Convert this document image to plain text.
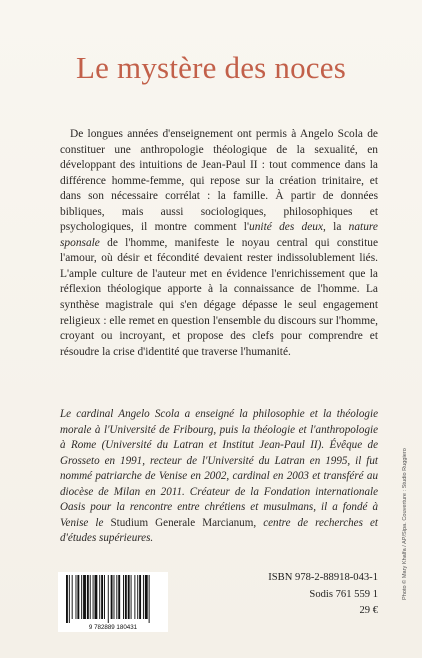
Le mystère des noces

De longues années d'enseignement ont permis à Angelo Scola de constituer une anthropologie théologique de la sexualité, en développant des intuitions de Jean-Paul II : tout commence dans la différence homme-femme, qui repose sur la création trinitaire, et dans son nécessaire corrélat : la famille. À partir de données bibliques, mais aussi sociologiques, philosophiques et psychologiques, il montre comment l'unité des deux, la nature sponsale de l'homme, manifeste le noyau central qui constitue l'amour, où désir et fécondité devaient rester indissolublement liés. L'ample culture de l'auteur met en évidence l'enrichissement que la réflexion théologique apporte à la connaissance de l'homme. La synthèse magistrale qui s'en dégage dépasse le seul engagement religieux : elle remet en question l'ensemble du discours sur l'homme, croyant ou incroyant, et propose des clefs pour comprendre et résoudre la crise d'identité que traverse l'humanité.

Le cardinal Angelo Scola a enseigné la philosophie et la théologie morale à l'Université de Fribourg, puis la théologie et l'anthropologie à Rome (Université du Latran et Institut Jean-Paul II). Évêque de Grosseto en 1991, recteur de l'Université du Latran en 1995, il fut nommé patriarche de Venise en 2002, cardinal en 2003 et transféré au diocèse de Milan en 2011. Créateur de la Fondation internationale Oasis pour la rencontre entre chrétiens et musulmans, il a fondé à Venise le Studium Generale Marcianum, centre de recherches et d'études supérieures.

9 782889 180431
ISBN 978-2-88918-043-1
Sodis 761 559 1
29 €
Photo © Mary Khalfa / AP/Sipa. Couverture : Studio Ruggiero
